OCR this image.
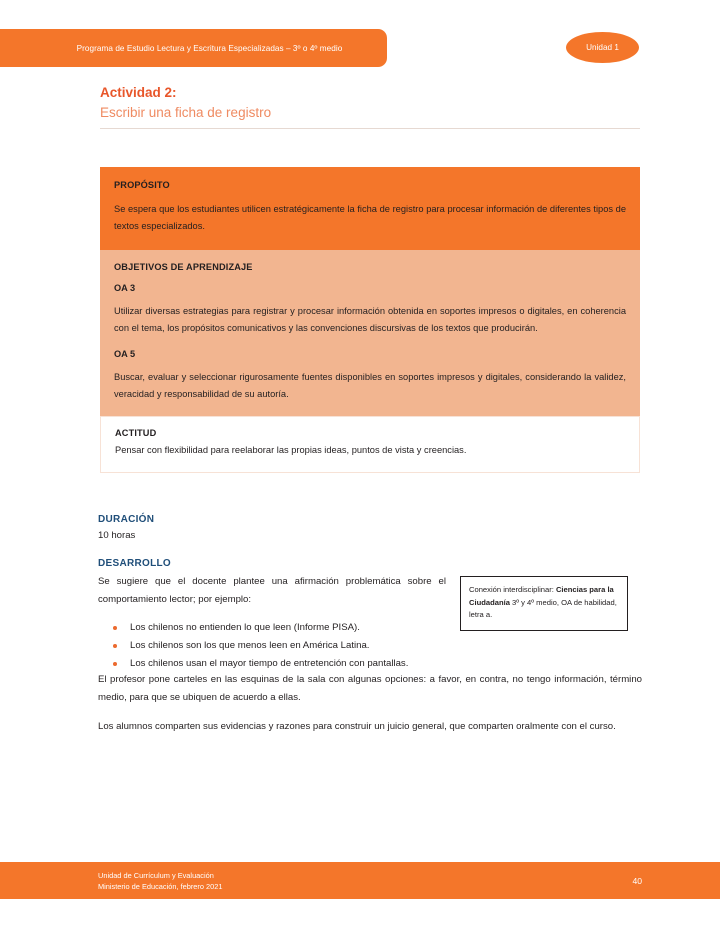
Programa de Estudio Lectura y Escritura Especializadas – 3º o 4º medio	Unidad 1
Actividad 2:
Escribir una ficha de registro
PROPÓSITO

Se espera que los estudiantes utilicen estratégicamente la ficha de registro para procesar información de diferentes tipos de textos especializados.

OBJETIVOS DE APRENDIZAJE
OA 3

Utilizar diversas estrategias para registrar y procesar información obtenida en soportes impresos o digitales, en coherencia con el tema, los propósitos comunicativos y las convenciones discursivas de los textos que producirán.

OA 5

Buscar, evaluar y seleccionar rigurosamente fuentes disponibles en soportes impresos y digitales, considerando la validez, veracidad y responsabilidad de su autoría.

ACTITUD

Pensar con flexibilidad para reelaborar las propias ideas, puntos de vista y creencias.

DURACIÓN

10 horas

DESARROLLO

Se sugiere que el docente plantee una afirmación problemática sobre el comportamiento lector; por ejemplo:

Conexión interdisciplinar: Ciencias para la Ciudadanía 3º y 4º medio, OA de habilidad, letra a.
Los chilenos no entienden lo que leen (Informe PISA).
Los chilenos son los que menos leen en América Latina.
Los chilenos usan el mayor tiempo de entretención con pantallas.

El profesor pone carteles en las esquinas de la sala con algunas opciones: a favor, en contra, no tengo información, término medio, para que se ubiquen de acuerdo a ellas.

Los alumnos comparten sus evidencias y razones para construir un juicio general, que comparten oralmente con el curso.

Unidad de Currículum y Evaluación
Ministerio de Educación, febrero 2021
40
